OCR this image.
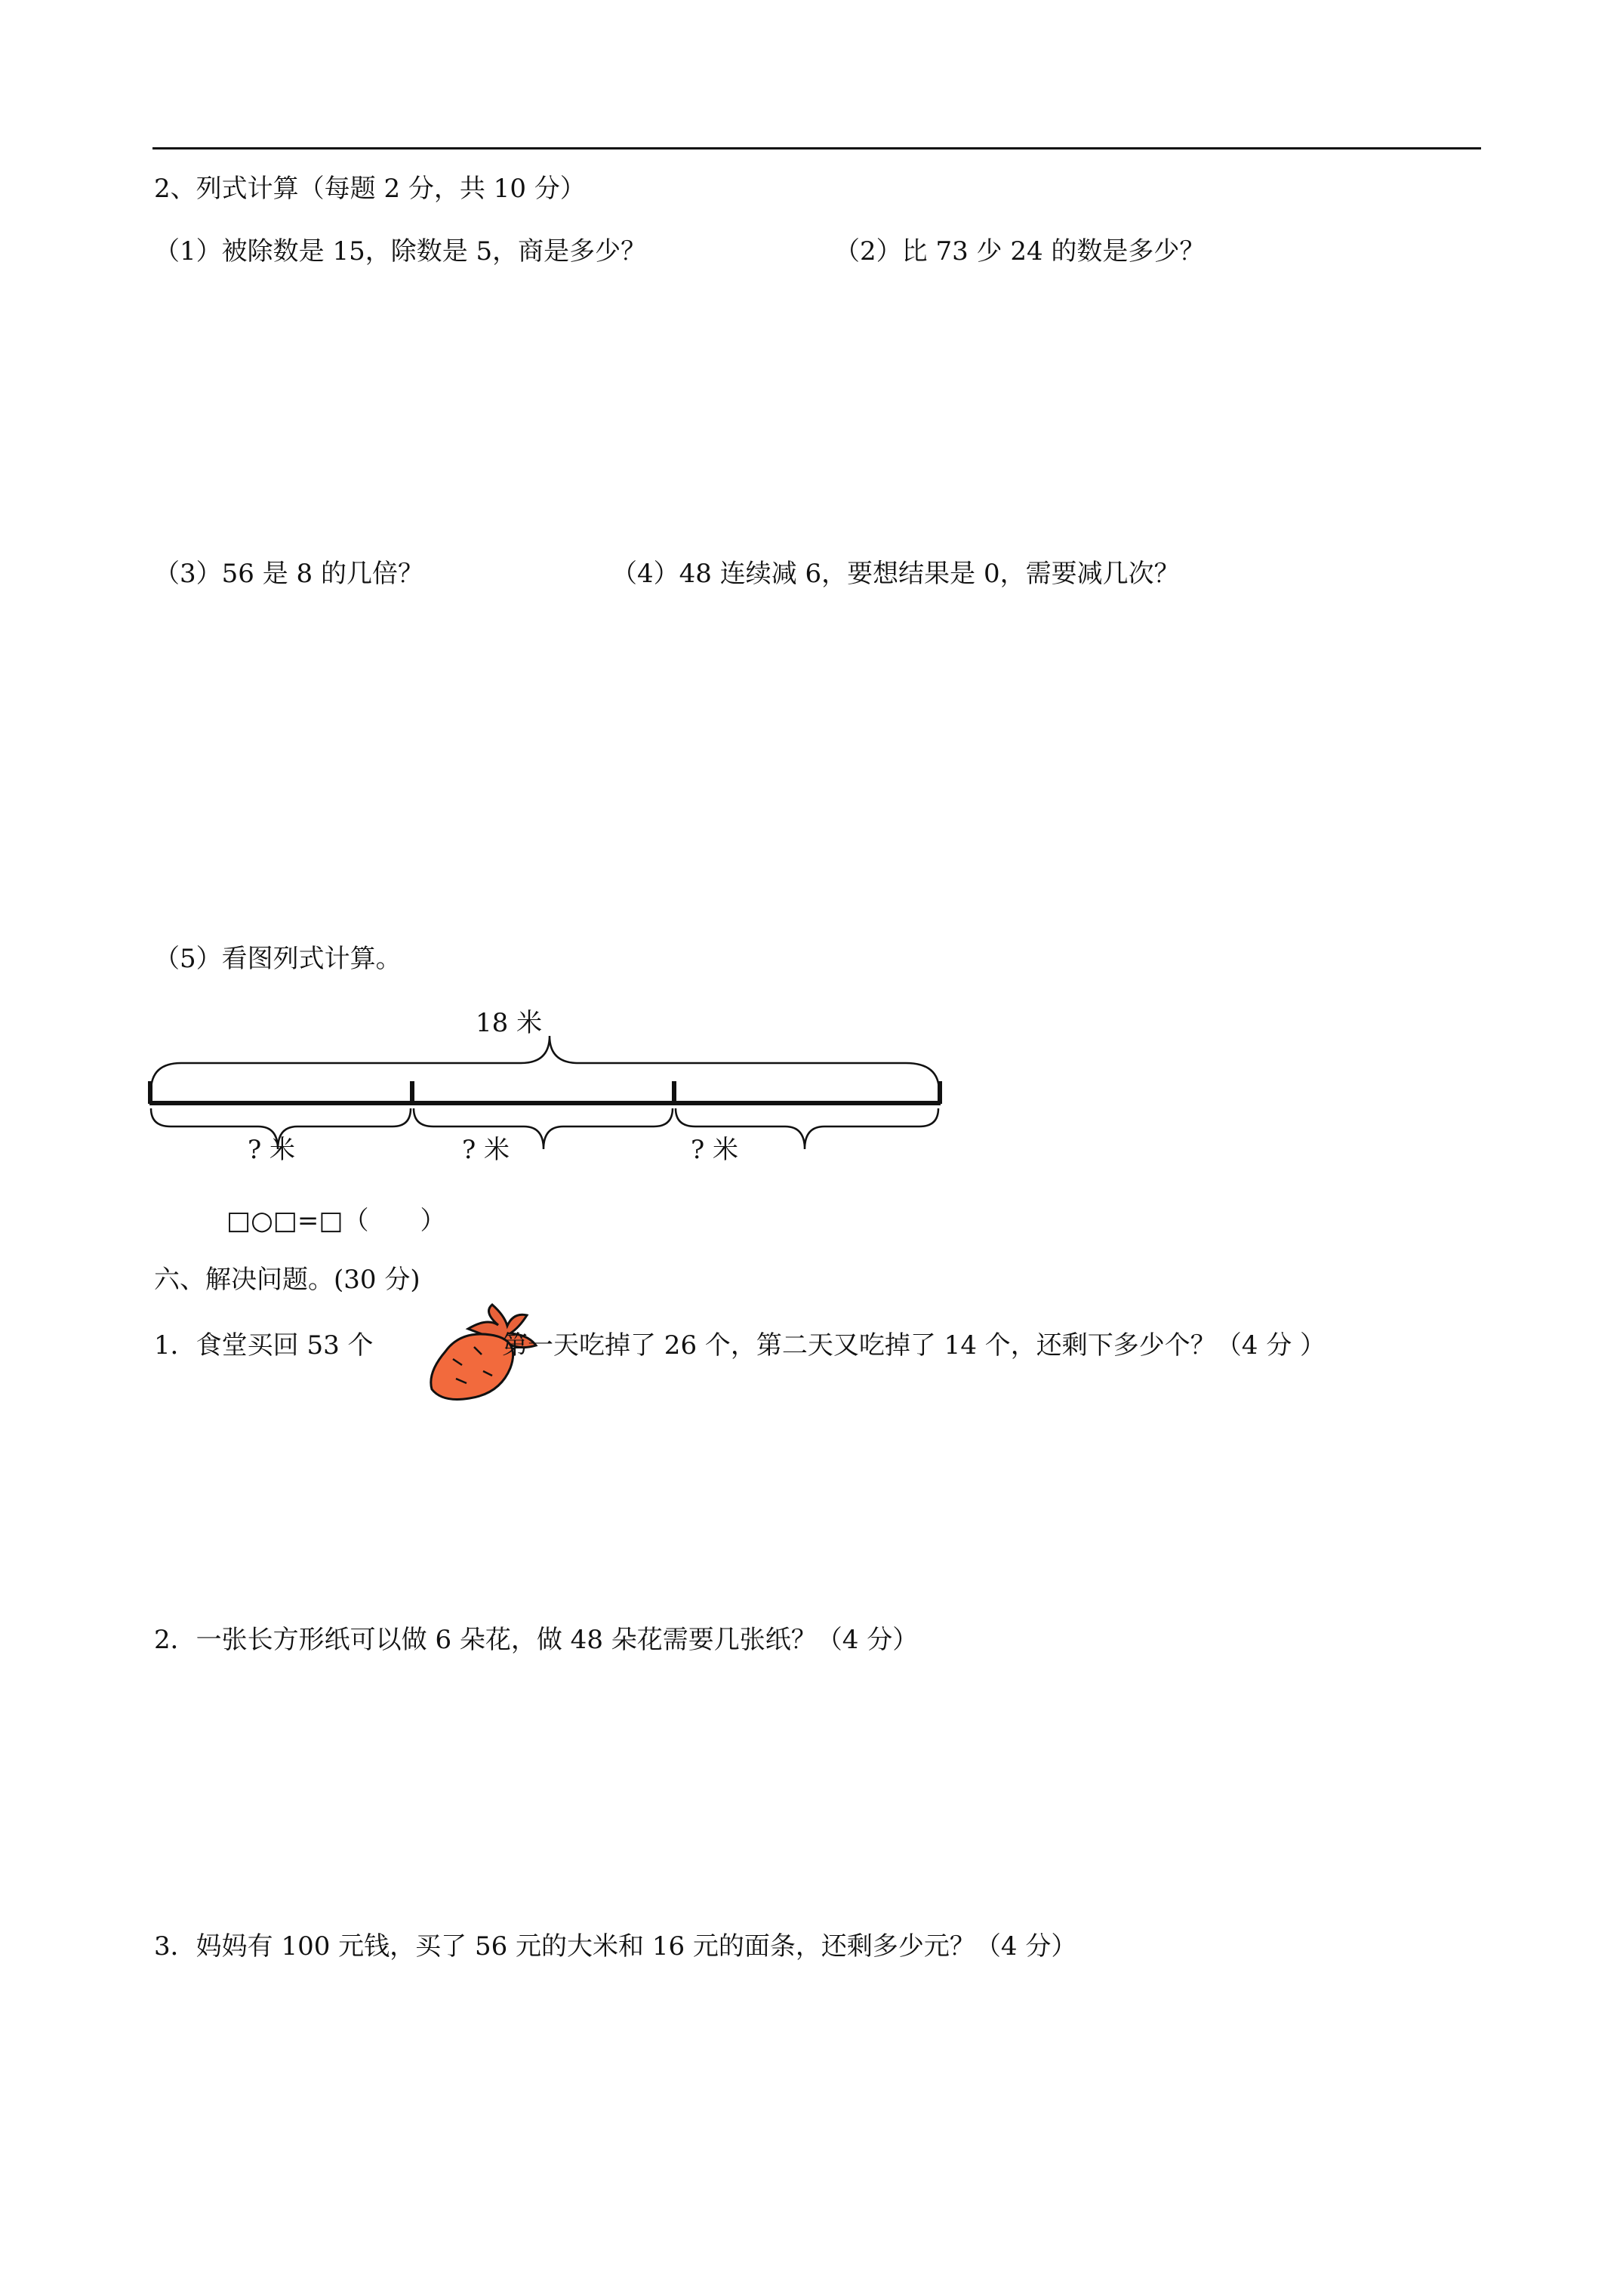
2、列式计算（每题 2 分，共 10 分）
（1）被除数是 15，除数是 5，商是多少？	（2）比 73 少 24 的数是多少？
（3）56 是 8 的几倍？	（4）48 连续减 6，要想结果是 0，需要减几次？
（5）看图列式计算。
18 米
? 米	? 米	? 米
□○□=□（　　）
六、解决问题。(30 分)
1．食堂买回 53 个	第一天吃掉了 26 个，第二天又吃掉了 14 个，还剩下多少个？（4 分 ）
2．一张长方形纸可以做 6 朵花，做 48 朵花需要几张纸？（4 分）
3．妈妈有 100 元钱，买了 56 元的大米和 16 元的面条，还剩多少元？（4 分）
